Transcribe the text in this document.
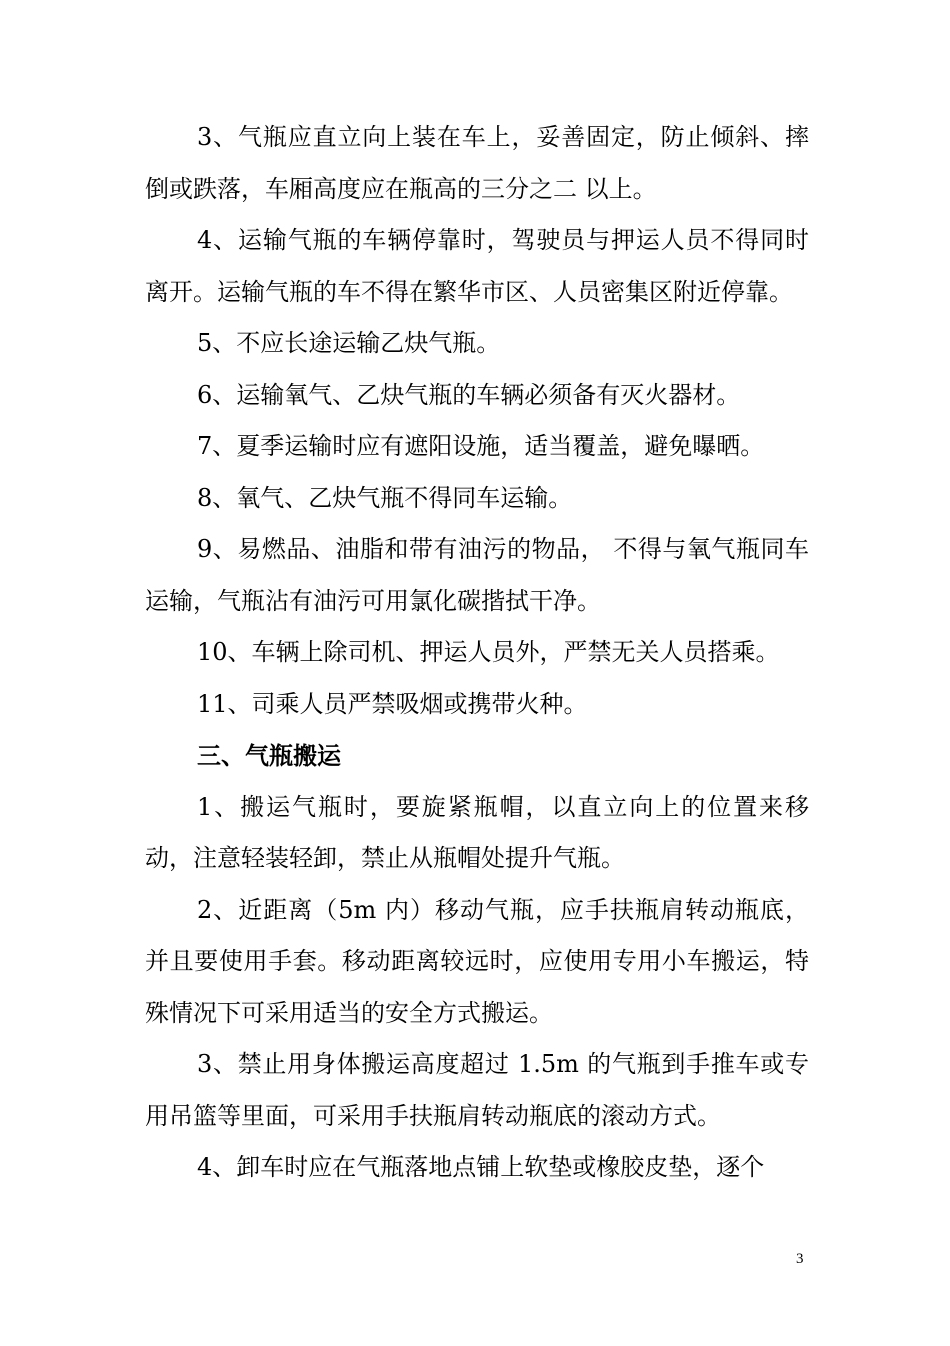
3、气瓶应直立向上装在车上，妥善固定，防止倾斜、摔倒或跌落，车厢高度应在瓶高的三分之二 以上。

4、运输气瓶的车辆停靠时，驾驶员与押运人员不得同时离开。运输气瓶的车不得在繁华市区、人员密集区附近停靠。

5、不应长途运输乙炔气瓶。

6、运输氧气、乙炔气瓶的车辆必须备有灭火器材。

7、夏季运输时应有遮阳设施，适当覆盖，避免曝晒。

8、氧气、乙炔气瓶不得同车运输。

9、易燃品、油脂和带有油污的物品， 不得与氧气瓶同车运输，气瓶沾有油污可用氯化碳揩拭干净。

10、车辆上除司机、押运人员外，严禁无关人员搭乘。

11、司乘人员严禁吸烟或携带火种。

三、气瓶搬运

1、搬运气瓶时，要旋紧瓶帽，以直立向上的位置来移动，注意轻装轻卸，禁止从瓶帽处提升气瓶。

2、近距离（5m 内）移动气瓶，应手扶瓶肩转动瓶底，并且要使用手套。移动距离较远时，应使用专用小车搬运，特殊情况下可采用适当的安全方式搬运。

3、禁止用身体搬运高度超过 1.5m 的气瓶到手推车或专用吊篮等里面，可采用手扶瓶肩转动瓶底的滚动方式。

4、卸车时应在气瓶落地点铺上软垫或橡胶皮垫，逐个

3
